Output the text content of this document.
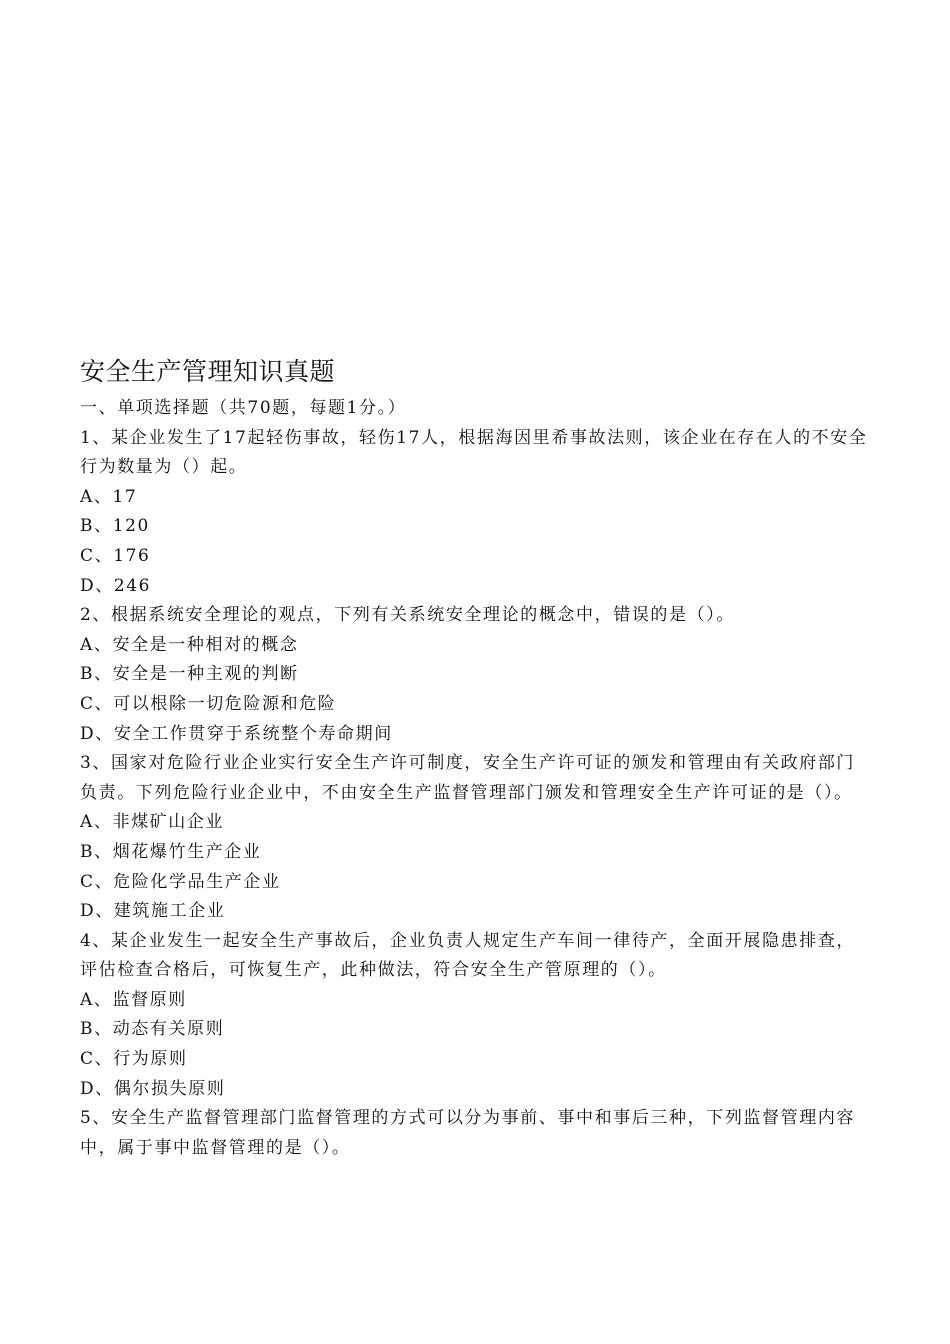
安全生产管理知识真题
一、单项选择题（共70题，每题1分。）
1、某企业发生了17起轻伤事故，轻伤17人，根据海因里希事故法则，该企业在存在人的不安全行为数量为（）起。
A、17
B、120
C、176
D、246
2、根据系统安全理论的观点，下列有关系统安全理论的概念中，错误的是（）。
A、安全是一种相对的概念
B、安全是一种主观的判断
C、可以根除一切危险源和危险
D、安全工作贯穿于系统整个寿命期间
3、国家对危险行业企业实行安全生产许可制度，安全生产许可证的颁发和管理由有关政府部门负责。下列危险行业企业中，不由安全生产监督管理部门颁发和管理安全生产许可证的是（）。
A、非煤矿山企业
B、烟花爆竹生产企业
C、危险化学品生产企业
D、建筑施工企业
4、某企业发生一起安全生产事故后，企业负责人规定生产车间一律待产，全面开展隐患排查，评估检查合格后，可恢复生产，此种做法，符合安全生产管原理的（）。
A、监督原则
B、动态有关原则
C、行为原则
D、偶尔损失原则
5、安全生产监督管理部门监督管理的方式可以分为事前、事中和事后三种，下列监督管理内容中，属于事中监督管理的是（）。
